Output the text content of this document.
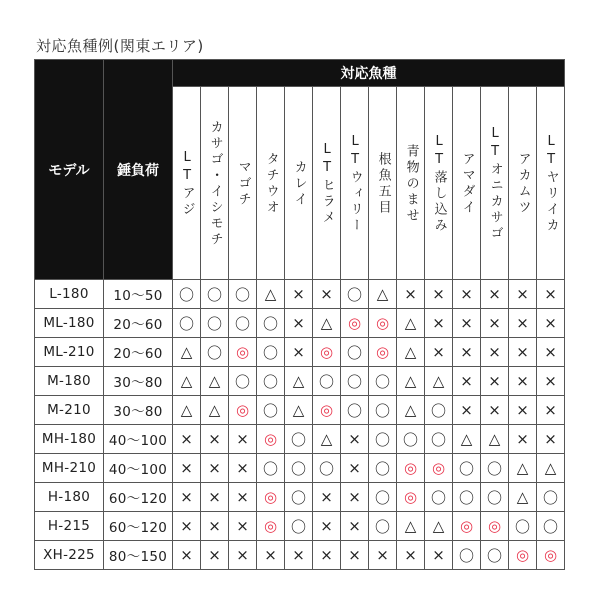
対応魚種例(関東エリア)
モデル	錘負荷	対応魚種													
		LTアジ	カサゴ・イシモチ	マゴチ	タチウオ	カレイ	LTヒラメ	LTウィリー	根魚五目	青物のませ	LT落し込み	アマダイ	LTオニカサゴ	アカムツ	LTヤリイカ
L-180	10〜50	〇	〇	〇	△	×	×	〇	△	×	×	×	×	×	×
ML-180	20〜60	〇	〇	〇	〇	×	△	◎	◎	△	×	×	×	×	×
ML-210	20〜60	△	〇	◎	〇	×	◎	〇	◎	△	×	×	×	×	×
M-180	30〜80	△	△	〇	〇	△	〇	〇	〇	△	△	×	×	×	×
M-210	30〜80	△	△	◎	〇	△	◎	〇	〇	△	〇	×	×	×	×
MH-180	40〜100	×	×	×	◎	〇	△	×	〇	〇	〇	△	△	×	×
MH-210	40〜100	×	×	×	〇	〇	〇	×	〇	◎	◎	〇	〇	△	△
H-180	60〜120	×	×	×	◎	〇	×	×	〇	◎	〇	〇	〇	△	〇
H-215	60〜120	×	×	×	◎	〇	×	×	〇	△	△	◎	◎	〇	〇
XH-225	80〜150	×	×	×	×	×	×	×	×	×	×	〇	〇	◎	◎
